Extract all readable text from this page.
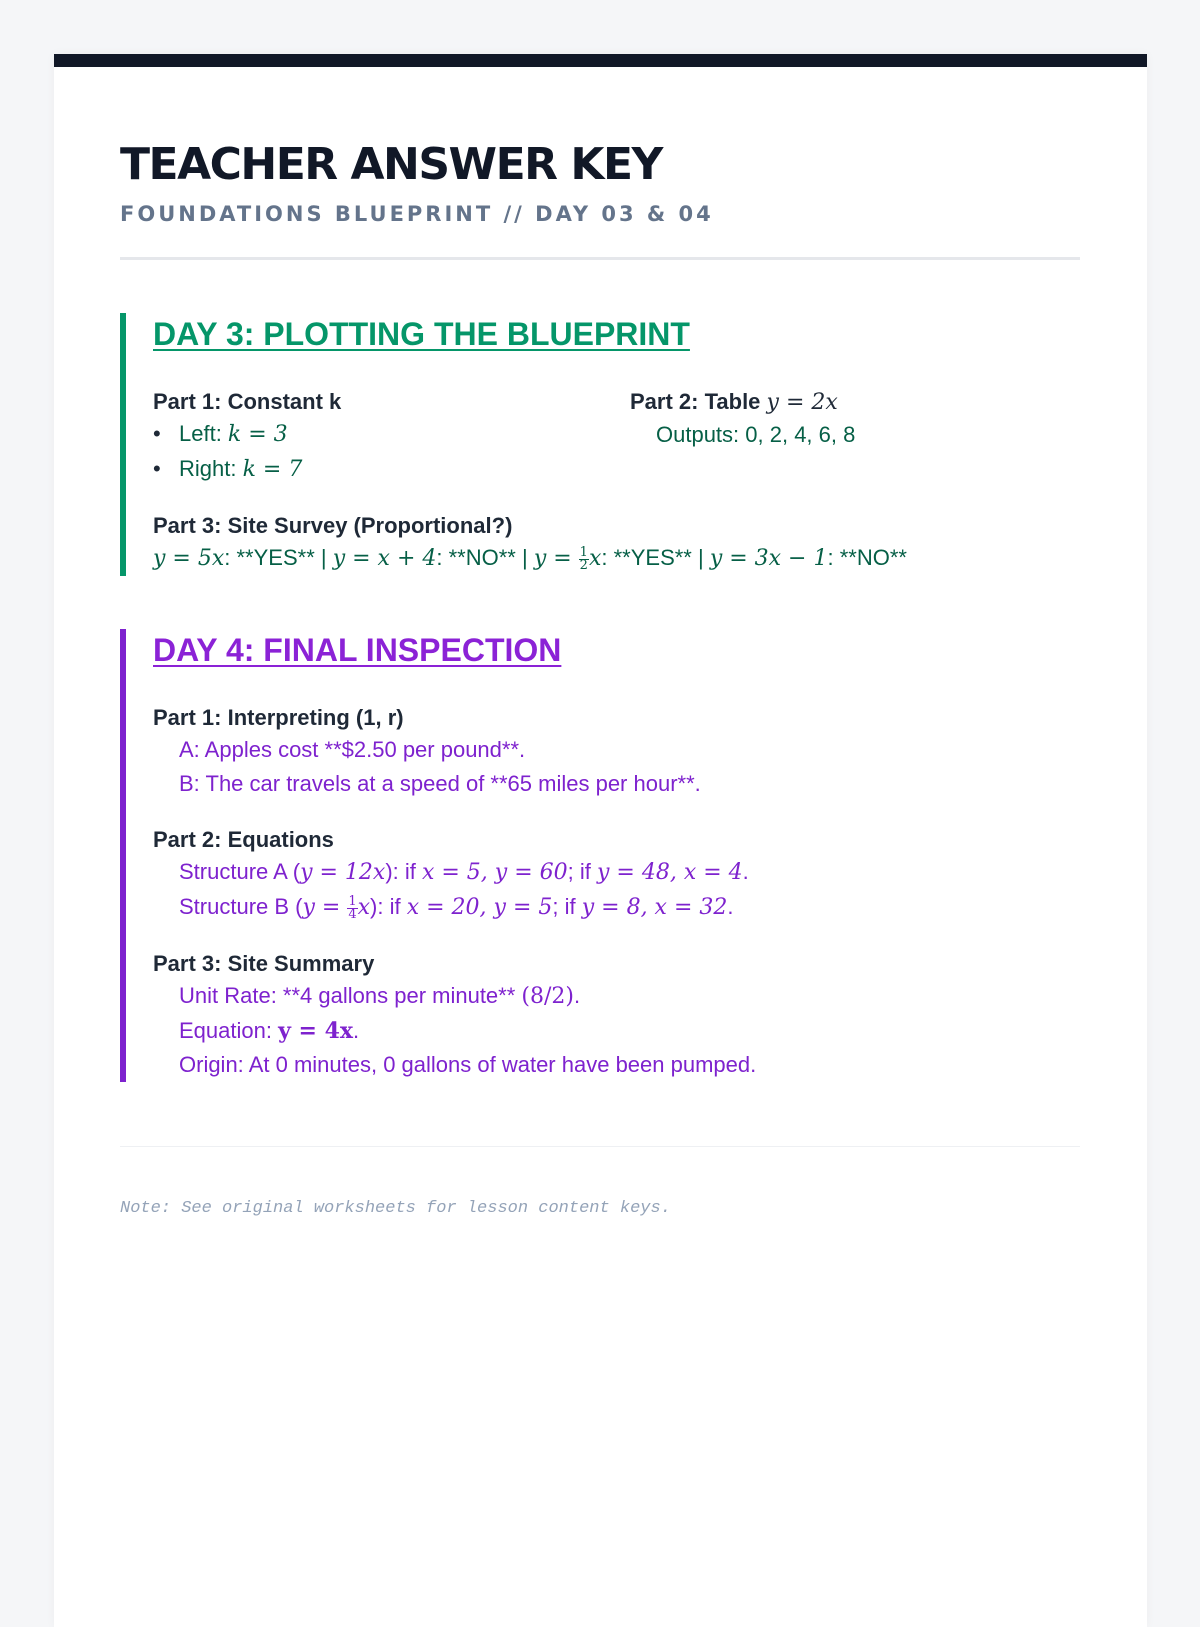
TEACHER ANSWER KEY
FOUNDATIONS BLUEPRINT // DAY 03 & 04
DAY 3: PLOTTING THE BLUEPRINT
Part 1: Constant k
• Left: k = 3
• Right: k = 7
Part 2: Table y = 2x
Outputs: 0, 2, 4, 6, 8
Part 3: Site Survey (Proportional?)
y = 5x: **YES** | y = x + 4: **NO** | $y = \frac{1}{2} x$: **YES** | y = 3x − 1: **NO**
DAY 4: FINAL INSPECTION
Part 1: Interpreting (1, r)
A: Apples cost **$2.50 per pound**.
B: The car travels at a speed of **65 miles per hour**.
Part 2: Equations
Structure A (y = 12x): if x = 5, y = 60; if y = 48, x = 4.
Structure B $(y = \frac{1}{4} x)$: if x = 20, y = 5; if y = 8, x = 32.
Part 3: Site Summary
Unit Rate: **4 gallons per minute** (8/2).
Equation: y = 4x.
Origin: At 0 minutes, 0 gallons of water have been pumped.
Note: See original worksheets for lesson content keys.
